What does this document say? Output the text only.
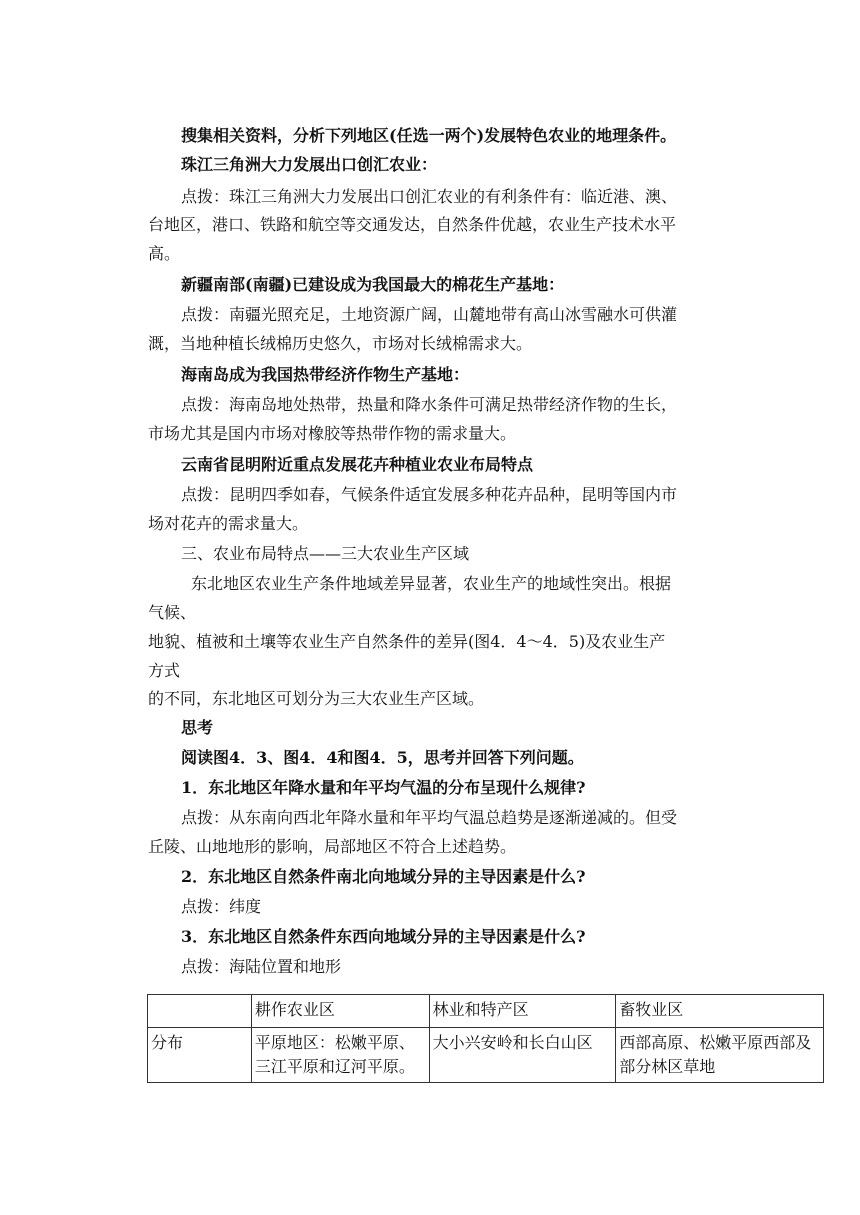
搜集相关资料，分析下列地区(任选一两个)发展特色农业的地理条件。
珠江三角洲大力发展出口创汇农业：
点拨：珠江三角洲大力发展出口创汇农业的有利条件有：临近港、澳、
台地区，港口、铁路和航空等交通发达，自然条件优越，农业生产技术水平
高。
新疆南部(南疆)已建设成为我国最大的棉花生产基地：
点拨：南疆光照充足，土地资源广阔，山麓地带有高山冰雪融水可供灌
溉，当地种植长绒棉历史悠久，市场对长绒棉需求大。
海南岛成为我国热带经济作物生产基地：
点拨：海南岛地处热带，热量和降水条件可满足热带经济作物的生长，
市场尤其是国内市场对橡胶等热带作物的需求量大。
云南省昆明附近重点发展花卉种植业农业布局特点
点拨：昆明四季如春，气候条件适宜发展多种花卉品种，昆明等国内市
场对花卉的需求量大。
三、农业布局特点——三大农业生产区域
东北地区农业生产条件地域差异显著，农业生产的地域性突出。根据
气候、
地貌、植被和土壤等农业生产自然条件的差异(图4．4～4．5)及农业生产
方式
的不同，东北地区可划分为三大农业生产区域。
思考
阅读图4．3、图4．4和图4．5，思考并回答下列问题。
1．东北地区年降水量和年平均气温的分布呈现什么规律?
点拨：从东南向西北年降水量和年平均气温总趋势是逐渐递减的。但受
丘陵、山地地形的影响，局部地区不符合上述趋势。
2．东北地区自然条件南北向地域分异的主导因素是什么?
点拨：纬度
3．东北地区自然条件东西向地域分异的主导因素是什么?
点拨：海陆位置和地形
	耕作农业区	林业和特产区	畜牧业区
分布	平原地区：松嫩平原、三江平原和辽河平原。	大小兴安岭和长白山区	西部高原、松嫩平原西部及部分林区草地
